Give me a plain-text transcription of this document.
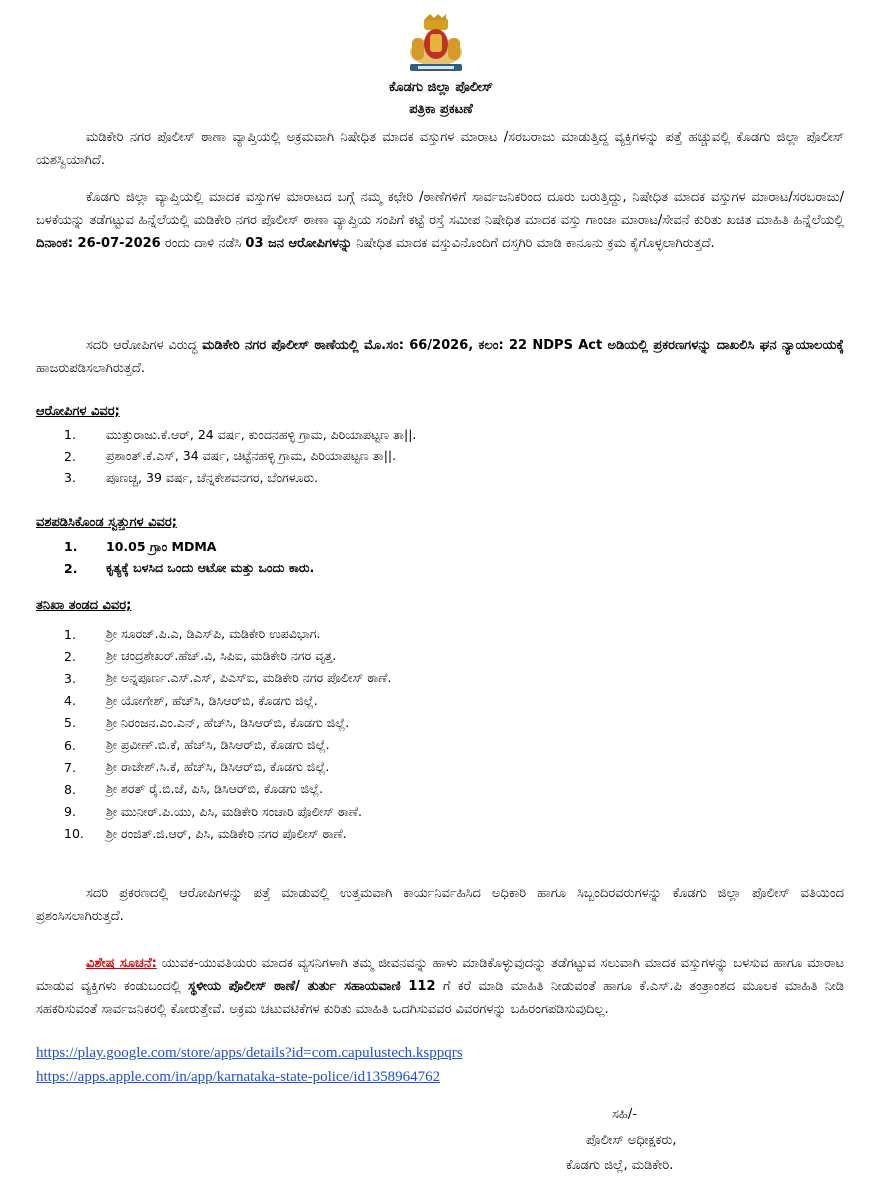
ಕೊಡಗು ಜಿಲ್ಲಾ ಪೊಲೀಸ್
ಪತ್ರಿಕಾ ಪ್ರಕಟಣೆ
ಮಡಿಕೇರಿ ನಗರ ಪೊಲೀಸ್ ಠಾಣಾ ವ್ಯಾಪ್ತಿಯಲ್ಲಿ ಅಕ್ರಮವಾಗಿ ನಿಷೇಧಿತ ಮಾದಕ ವಸ್ತುಗಳ ಮಾರಾಟ /ಸರಬರಾಜು ಮಾಡುತ್ತಿದ್ದ ವ್ಯಕ್ತಿಗಳನ್ನು ಪತ್ತೆ ಹಚ್ಚುವಲ್ಲಿ ಕೊಡಗು ಜಿಲ್ಲಾ ಪೊಲೀಸ್ ಯಶಸ್ವಿಯಾಗಿದೆ.
ಕೊಡಗು ಜಿಲ್ಲಾ ವ್ಯಾಪ್ತಿಯಲ್ಲಿ ಮಾದಕ ವಸ್ತುಗಳ ಮಾರಾಟದ ಬಗ್ಗೆ ನಮ್ಮ ಕಛೇರಿ /ಠಾಣೆಗಳಿಗೆ ಸಾರ್ವಜನಿಕರಿಂದ ದೂರು ಬರುತ್ತಿದ್ದು, ನಿಷೇಧಿತ ಮಾದಕ ವಸ್ತುಗಳ ಮಾರಾಟ/ಸರಬರಾಜು/ ಬಳಕೆಯನ್ನು ತಡೆಗಟ್ಟುವ ಹಿನ್ನೆಲೆಯಲ್ಲಿ ಮಡಿಕೇರಿ ನಗರ ಪೊಲೀಸ್ ಠಾಣಾ ವ್ಯಾಪ್ತಿಯ ಸಂಪಿಗೆ ಕಟ್ಟೆ ರಸ್ತೆ ಸಮೀಪ ನಿಷೇಧಿತ ಮಾದಕ ವಸ್ತು ಗಾಂಜಾ ಮಾರಾಟ/ಸೇವನೆ ಕುರಿತು ಖಚಿತ ಮಾಹಿತಿ ಹಿನ್ನೆಲೆಯಲ್ಲಿ ದಿನಾಂಕ: 26-07-2026 ರಂದು ದಾಳಿ ನಡೆಸಿ 03 ಜನ ಆರೋಪಿಗಳನ್ನು ನಿಷೇಧಿತ ಮಾದಕ ವಸ್ತುವಿನೊಂದಿಗೆ ದಸ್ತಗಿರಿ ಮಾಡಿ ಕಾನೂನು ಕ್ರಮ ಕೈಗೊಳ್ಳಲಾಗಿರುತ್ತದೆ.
ಸದರಿ ಆರೋಪಿಗಳ ವಿರುದ್ಧ ಮಡಿಕೇರಿ ನಗರ ಪೊಲೀಸ್ ಠಾಣೆಯಲ್ಲಿ ಮೊ.ಸಂ: 66/2026, ಕಲಂ: 22 NDPS Act ಅಡಿಯಲ್ಲಿ ಪ್ರಕರಣಗಳನ್ನು ದಾಖಲಿಸಿ ಘನ ನ್ಯಾಯಾಲಯಕ್ಕೆ ಹಾಜರುಪಡಿಸಲಾಗಿರುತ್ತದೆ.
ಆರೋಪಿಗಳ ವಿವರ;
1.	ಮುತ್ತುರಾಜು.ಕೆ.ಆರ್, 24 ವರ್ಷ, ಕುಂದನಹಳ್ಳಿ ಗ್ರಾಮ, ಪಿರಿಯಾಪಟ್ಟಣ ತಾ||.
2.	ಪ್ರಶಾಂತ್.ಕೆ.ಎಸ್, 34 ವರ್ಷ, ಚಿಟ್ಟೆನಹಳ್ಳಿ ಗ್ರಾಮ, ಪಿರಿಯಾಪಟ್ಟಣ ತಾ||.
3.	ಪೂಣಚ್ಚ, 39 ವರ್ಷ, ಚೆನ್ನಕೇಶವನಗರ, ಬೆಂಗಳೂರು.
ವಶಪಡಿಸಿಕೊಂಡ ಸ್ವತ್ತುಗಳ ವಿವರ;
1.	10.05 ಗ್ರಾಂ MDMA
2.	ಕೃತ್ಯಕ್ಕೆ ಬಳಸಿದ ಒಂದು ಆಟೋ ಮತ್ತು ಒಂದು ಕಾರು.
ತನಿಖಾ ತಂಡದ ವಿವರ;
1.	ಶ್ರೀ ಸೂರಜ್.ಪಿ.ಎ, ಡಿಎಸ್‌ಪಿ, ಮಡಿಕೇರಿ ಉಪವಿಭಾಗ.
2.	ಶ್ರೀ ಚಂದ್ರಶೇಖರ್.ಹೆಚ್.ವಿ, ಸಿಪಿಐ, ಮಡಿಕೇರಿ ನಗರ ವೃತ್ತ.
3.	ಶ್ರೀ ಅನ್ನಪೂರ್ಣ.ಎಸ್.ಎಸ್, ಪಿಎಸ್‌ಐ, ಮಡಿಕೇರಿ ನಗರ ಪೊಲೀಸ್ ಠಾಣೆ.
4.	ಶ್ರೀ ಯೋಗೇಶ್, ಹೆಚ್‌ಸಿ, ಡಿಸಿಆರ್‌ಬಿ, ಕೊಡಗು ಜಿಲ್ಲೆ.
5.	ಶ್ರೀ ನಿರಂಜನ.ಎಂ.ಎನ್, ಹೆಚ್‌ಸಿ, ಡಿಸಿಆರ್‌ಬಿ, ಕೊಡಗು ಜಿಲ್ಲೆ.
6.	ಶ್ರೀ ಪ್ರವೀಣ್.ಬಿ.ಕೆ, ಹೆಚ್‌ಸಿ, ಡಿಸಿಆರ್‌ಬಿ, ಕೊಡಗು ಜಿಲ್ಲೆ.
7.	ಶ್ರೀ ರಾಜೇಶ್.ಸಿ.ಕೆ, ಹೆಚ್‌ಸಿ, ಡಿಸಿಆರ್‌ಬಿ, ಕೊಡಗು ಜಿಲ್ಲೆ.
8.	ಶ್ರೀ ಶರತ್ ರೈ.ಬಿ.ಜೆ, ಪಿಸಿ, ಡಿಸಿಆರ್‌ಬಿ, ಕೊಡಗು ಜಿಲ್ಲೆ.
9.	ಶ್ರೀ ಮುನೀರ್.ಪಿ.ಯು, ಪಿಸಿ, ಮಡಿಕೇರಿ ಸಂಚಾರಿ ಪೊಲೀಸ್ ಠಾಣೆ.
10.	ಶ್ರೀ ರಂಜಿತ್.ಜಿ.ಆರ್, ಪಿಸಿ, ಮಡಿಕೇರಿ ನಗರ ಪೊಲೀಸ್ ಠಾಣೆ.
ಸದರಿ ಪ್ರಕರಣದಲ್ಲಿ ಆರೋಪಿಗಳನ್ನು ಪತ್ತೆ ಮಾಡುವಲ್ಲಿ ಉತ್ತಮವಾಗಿ ಕಾರ್ಯನಿರ್ವಹಿಸಿದ ಅಧಿಕಾರಿ ಹಾಗೂ ಸಿಬ್ಬಂದಿರವರುಗಳನ್ನು ಕೊಡಗು ಜಿಲ್ಲಾ ಪೊಲೀಸ್ ವತಿಯಿಂದ ಪ್ರಶಂಸಿಸಲಾಗಿರುತ್ತದೆ.
ವಿಶೇಷ ಸೂಚನೆ: ಯುವಕ-ಯುವತಿಯರು ಮಾದಕ ವ್ಯಸನಿಗಳಾಗಿ ತಮ್ಮ ಜೀವನವನ್ನು ಹಾಳು ಮಾಡಿಕೊಳ್ಳುವುದನ್ನು ತಡೆಗಟ್ಟುವ ಸಲುವಾಗಿ ಮಾದಕ ವಸ್ತುಗಳನ್ನು ಬಳಸುವ ಹಾಗೂ ಮಾರಾಟ ಮಾಡುವ ವ್ಯಕ್ತಿಗಳು ಕಂಡುಬಂದಲ್ಲಿ ಸ್ಥಳೀಯ ಪೊಲೀಸ್ ಠಾಣೆ/ ತುರ್ತು ಸಹಾಯವಾಣಿ 112 ಗೆ ಕರೆ ಮಾಡಿ ಮಾಹಿತಿ ನೀಡುವಂತೆ ಹಾಗೂ ಕೆ.ಎಸ್.ಪಿ ತಂತ್ರಾಂಶದ ಮೂಲಕ ಮಾಹಿತಿ ನೀಡಿ ಸಹಕರಿಸುವಂತೆ ಸಾರ್ವಜನಿಕರಲ್ಲಿ ಕೋರುತ್ತೇವೆ. ಅಕ್ರಮ ಚಟುವಟಿಕೆಗಳ ಕುರಿತು ಮಾಹಿತಿ ಒದಗಿಸುವವರ ವಿವರಗಳನ್ನು ಬಹಿರಂಗಪಡಿಸುವುದಿಲ್ಲ.
https://play.google.com/store/apps/details?id=com.capulustech.ksppqrs
https://apps.apple.com/in/app/karnataka-state-police/id1358964762
ಸಹಿ/-
ಪೊಲೀಸ್ ಅಧೀಕ್ಷಕರು,
ಕೊಡಗು ಜಿಲ್ಲೆ, ಮಡಿಕೇರಿ.
